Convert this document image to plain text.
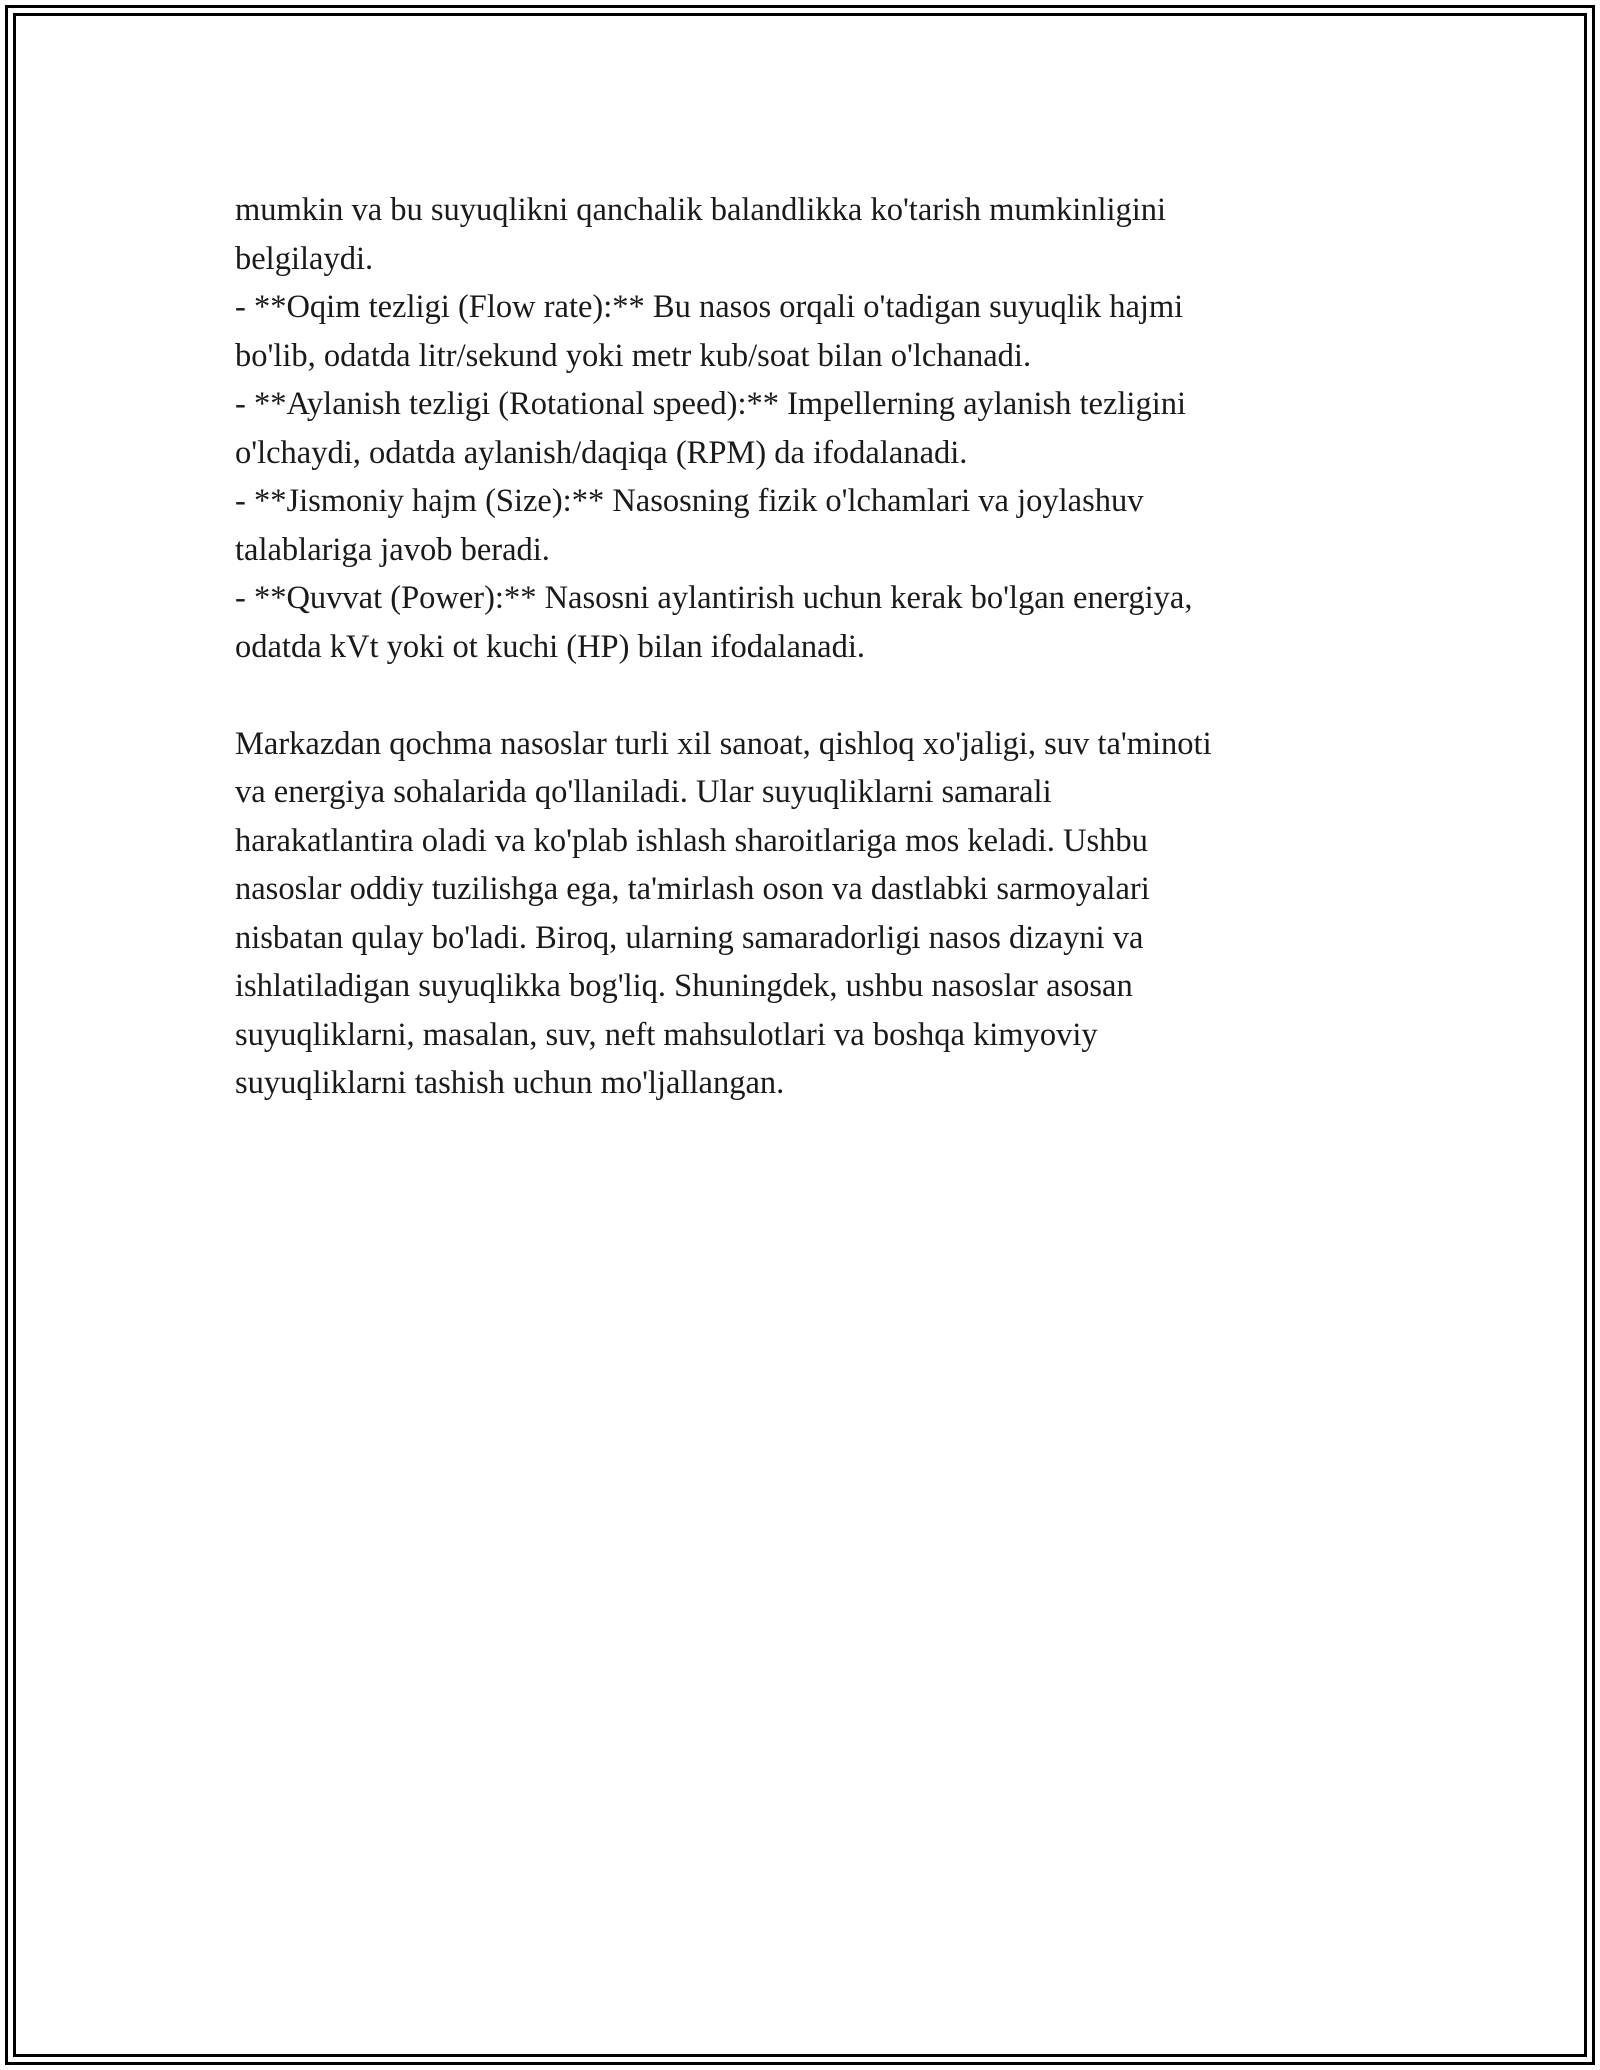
mumkin va bu suyuqlikni qanchalik balandlikka ko'tarish mumkinligini
belgilaydi.
- **Oqim tezligi (Flow rate):** Bu nasos orqali o'tadigan suyuqlik hajmi
bo'lib, odatda litr/sekund yoki metr kub/soat bilan o'lchanadi.
- **Aylanish tezligi (Rotational speed):** Impellerning aylanish tezligini
o'lchaydi, odatda aylanish/daqiqa (RPM) da ifodalanadi.
- **Jismoniy hajm (Size):** Nasosning fizik o'lchamlari va joylashuv
talablariga javob beradi.
- **Quvvat (Power):** Nasosni aylantirish uchun kerak bo'lgan energiya,
odatda kVt yoki ot kuchi (HP) bilan ifodalanadi.
Markazdan qochma nasoslar turli xil sanoat, qishloq xo'jaligi, suv ta'minoti
va energiya sohalarida qo'llaniladi. Ular suyuqliklarni samarali
harakatlantira oladi va ko'plab ishlash sharoitlariga mos keladi. Ushbu
nasoslar oddiy tuzilishga ega, ta'mirlash oson va dastlabki sarmoyalari
nisbatan qulay bo'ladi. Biroq, ularning samaradorligi nasos dizayni va
ishlatiladigan suyuqlikka bog'liq. Shuningdek, ushbu nasoslar asosan
suyuqliklarni, masalan, suv, neft mahsulotlari va boshqa kimyoviy
suyuqliklarni tashish uchun mo'ljallangan.
